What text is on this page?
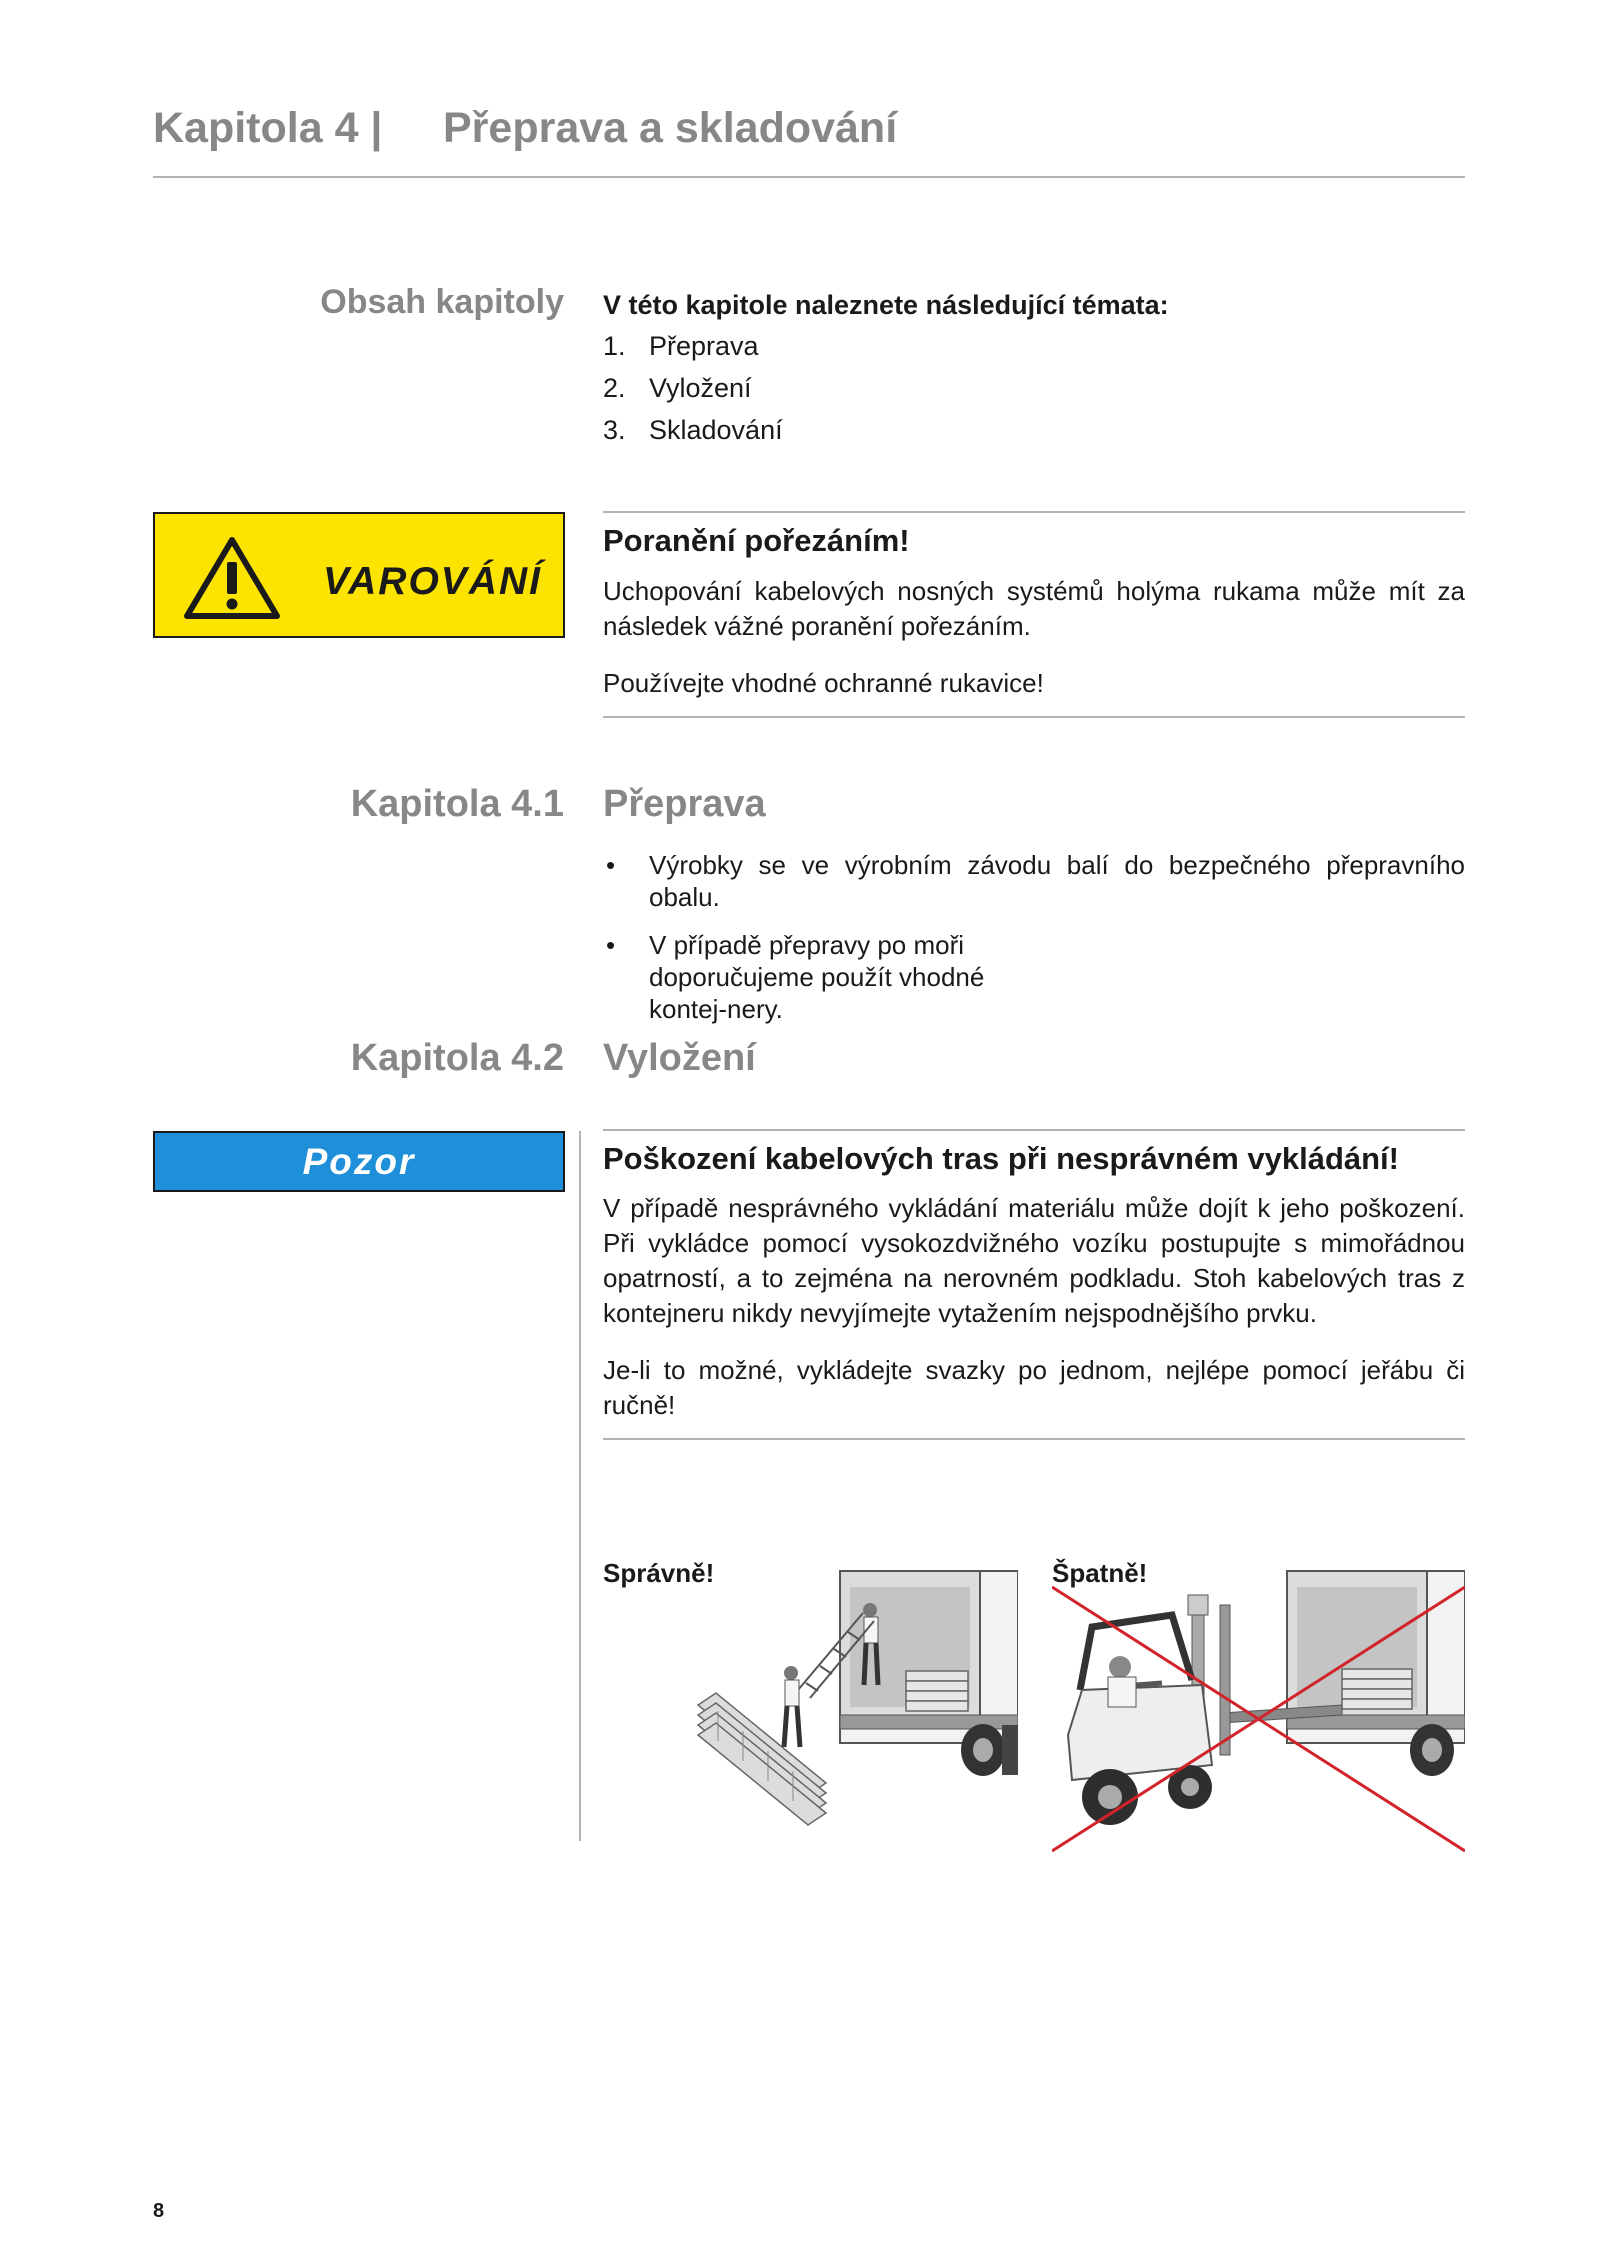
Kapitola 4 | Přeprava a skladování
Obsah kapitoly V této kapitole naleznete následující témata:
1. Přeprava
2. Vyložení
3. Skladování
VAROVÁNÍ
Poranění pořezáním!
Uchopování kabelových nosných systémů holýma rukama může mít za následek vážné poranění pořezáním.
Používejte vhodné ochranné rukavice!
Kapitola 4.1 Přeprava
• Výrobky se ve výrobním závodu balí do bezpečného přepravního obalu.
• V případě přepravy po moři doporučujeme použít vhodné kontej-nery.
Kapitola 4.2 Vyložení
Pozor	Poškození kabelových tras při nesprávném vykládání!
V případě nesprávného vykládání materiálu může dojít k jeho poškození. Při vykládce pomocí vysokozdvižného vozíku postupujte s mimořádnou opatrností, a to zejména na nerovném podkladu. Stoh kabelových tras z kontejneru nikdy nevyjímejte vytažením nejspodnějšího prvku.
Je-li to možné, vykládejte svazky po jednom, nejlépe pomocí jeřábu či ručně!
Správně!	Špatně!
8
